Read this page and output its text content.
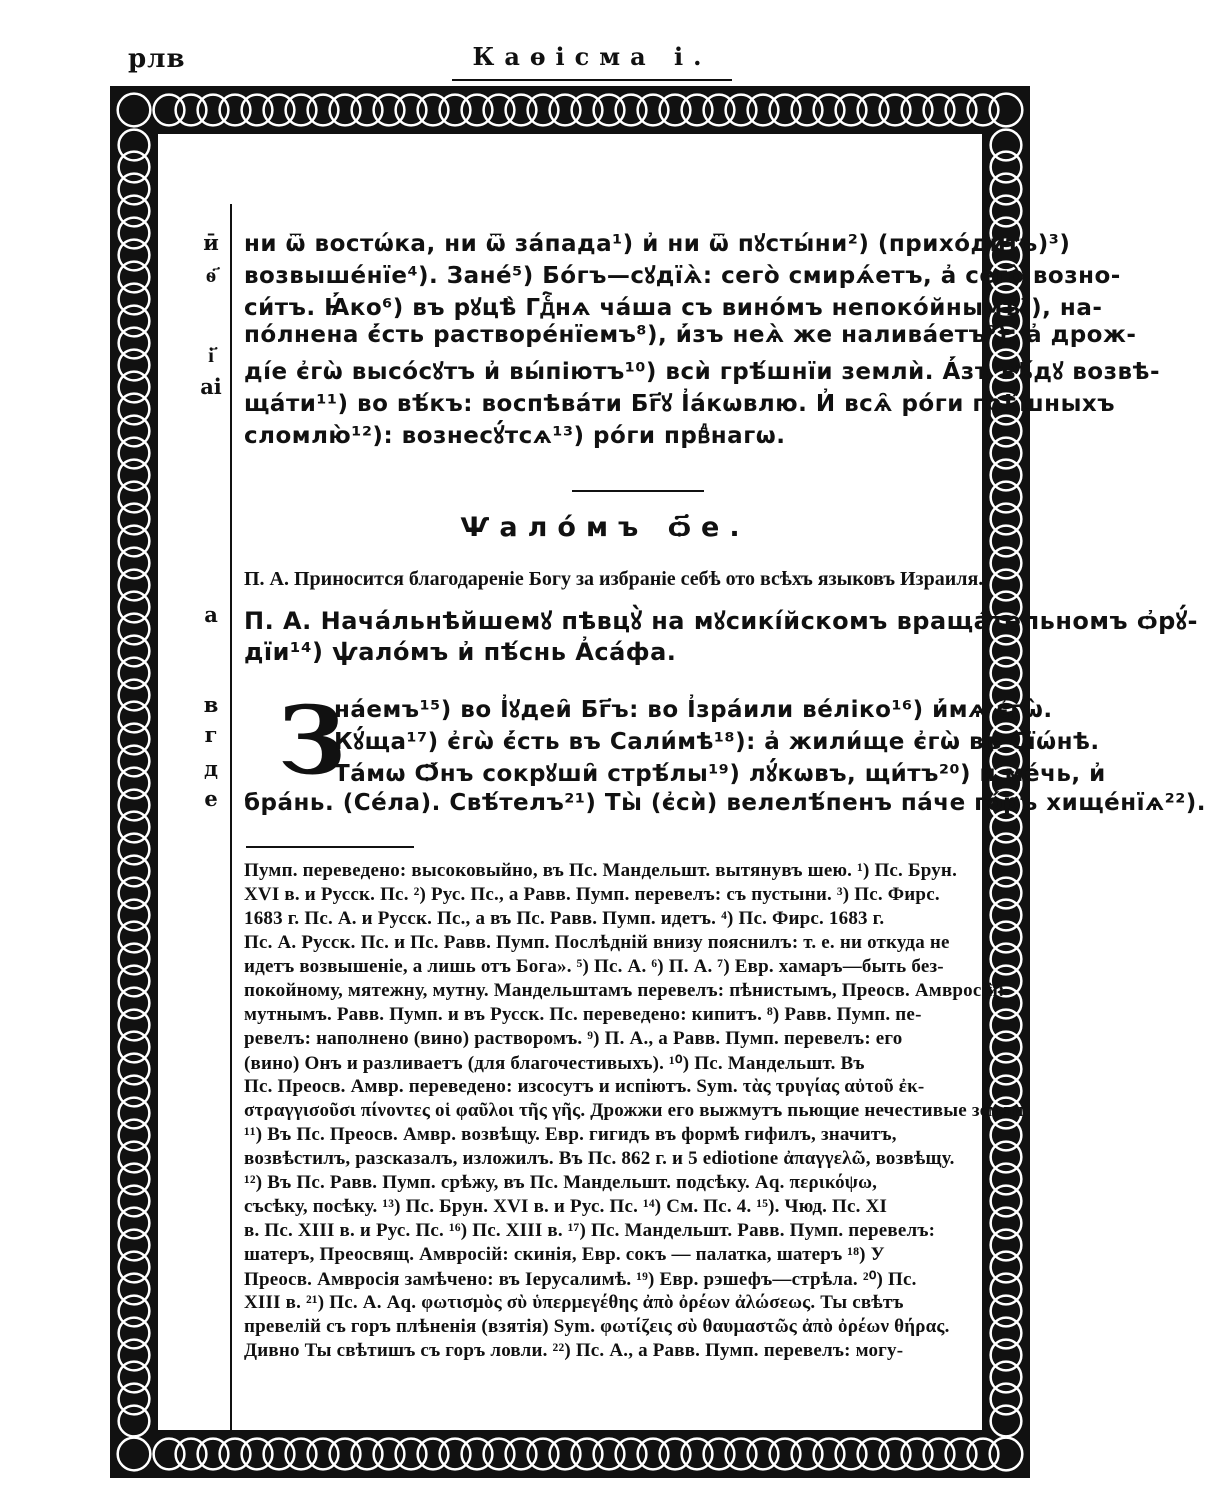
рлв	Каѳісма і.
ӣ
ѳ҃
і҃
аі
а
в
г
д
е
ни ѿ востѡ́ка, ни ѿ за́пада¹) и҆ ни ѿ пꙋсты́ни²) (прихо́дитъ)³)
возвыше́нїе⁴). Зане́⁵) Бо́гъ—сꙋдїѧ̀: сего̀ смирѧ́етъ, а҆ сего̀ возно-
си́тъ. Ꙗ҆́ко⁶) въ рꙋцѣ̀ Гдⷭ҇нѧ ча́ша съ вино́мъ непоко́йнымъ⁷), на-
по́лнена є҆́сть растворе́нїемъ⁸), и҆́зъ неѧ̀ же налива́етъ⁹): а҆ дрож-
ді́е є҆гѡ̀ высо́сꙋтъ и҆ вы́піютъ¹⁰) всѝ грѣ́шнїи землѝ. А҆́зъ вѣ́дꙋ возвѣ-
ща́ти¹¹) во вѣ́къ: воспѣва́ти Бг҃ꙋ І҆а́кѡвлю. И҆ всѧ̑ ро́ги грѣ́шныхъ
сломлю̀¹²): вознесꙋ́тсѧ¹³) ро́ги првⷣнагѡ.
Ѱало́мъ ѻ҃е.
П. А. Приносится благодареніе Богу за избраніе себѣ ото всѣхъ языковъ Израиля.
П. А. Нача́льнѣйшемꙋ пѣвцꙋ̀ на мꙋсикі́йскомъ враща́тельномъ ѻ҆рꙋ́-
дїи¹⁴) ѱало́мъ и҆ пѣ́снь А҆са́фа.
З
на́емъ¹⁵) во І҆ꙋдеи̑ Бг҃ъ: во І҆зра́или ве́ліко¹⁶) и҆́мѧ є҆гѡ̀.
Кꙋ́ща¹⁷) є҆гѡ̀ є҆́сть въ Сали́мѣ¹⁸): а҆ жили́ще є҆гѡ̀ въ Сїѡ́нѣ.
Та́мѡ Ѻ҆́нъ сокрꙋши̑ стрѣ́лы¹⁹) лꙋ́кѡвъ, щи́тъ²⁰) и҆ ме́чь, и҆
бра́нь. (Се́ла). Свѣ́телъ²¹) Ты̀ (є҆сѝ) велелѣ́пенъ па́че го́ръ хище́нїѧ²²).
Пумп. переведено: высоковыйно, въ Пс. Мандельшт. вытянувъ шею. ¹) Пс. Брун.
XVI в. и Русск. Пс. ²) Рус. Пс., а Равв. Пумп. перевелъ: съ пустыни. ³) Пс. Фирс.
1683 г. Пс. А. и Русск. Пс., а въ Пс. Равв. Пумп. идетъ. ⁴) Пс. Фирс. 1683 г.
Пс. А. Русск. Пс. и Пс. Равв. Пумп. Послѣдній внизу пояснилъ: т. е. ни откуда не
идетъ возвышеніе, а лишь отъ Бога». ⁵) Пс. А. ⁶) П. А. ⁷) Евр. хамаръ—быть без-
покойному, мятежну, мутну. Мандельштамъ перевелъ: пѣнистымъ, Преосв. Амвросій:
мутнымъ. Равв. Пумп. и въ Русск. Пс. переведено: кипитъ. ⁸) Равв. Пумп. пе-
ревелъ: наполнено (вино) растворомъ. ⁹) П. А., а Равв. Пумп. перевелъ: его
(вино) Онъ и разливаетъ (для благочестивыхъ). ¹⁰) Пс. Мандельшт. Въ
Пс. Преосв. Амвр. переведено: изсосутъ и испіютъ. Sym. τὰς τρυγίας αὐτοῦ ἐκ-
στραγγισοῦσι πίνοντες οἱ φαῦλοι τῆς γῆς. Дрожжи его выжмутъ пьющие нечестивые земли.
¹¹) Въ Пс. Преосв. Амвр. возвѣщу. Евр. гигидъ въ формѣ гифилъ, значитъ,
возвѣстилъ, разсказалъ, изложилъ. Въ Пс. 862 г. и 5 ediotione ἀπαγγελῶ, возвѣщу.
¹²) Въ Пс. Равв. Пумп. срѣжу, въ Пс. Мандельшт. подсѣку. Aq. περικόψω,
съсѣку, посѣку. ¹³) Пс. Брун. XVI в. и Рус. Пс. ¹⁴) См. Пс. 4. ¹⁵). Чюд. Пс. XI
в. Пс. XIII в. и Рус. Пс. ¹⁶) Пс. XIII в. ¹⁷) Пс. Мандельшт. Равв. Пумп. перевелъ:
шатеръ, Преосвящ. Амвросій: скинія, Евр. сокъ — палатка, шатеръ ¹⁸) У
Преосв. Амвросія замѣчено: въ Іерусалимѣ. ¹⁹) Евр. рэшефъ—стрѣла. ²⁰) Пс.
XIII в. ²¹) Пс. А. Aq. φωτισμὸς σὺ ὑπερμεγέθης ἀπὸ ὀρέων ἀλώσεως. Ты свѣтъ
превелій съ горъ плѣненія (взятія) Sym. φωτίζεις σὺ θαυμαστῶς ἀπὸ ὀρέων θήρας.
Дивно Ты свѣтишъ съ горъ ловли. ²²) Пс. А., а Равв. Пумп. перевелъ: могу-
